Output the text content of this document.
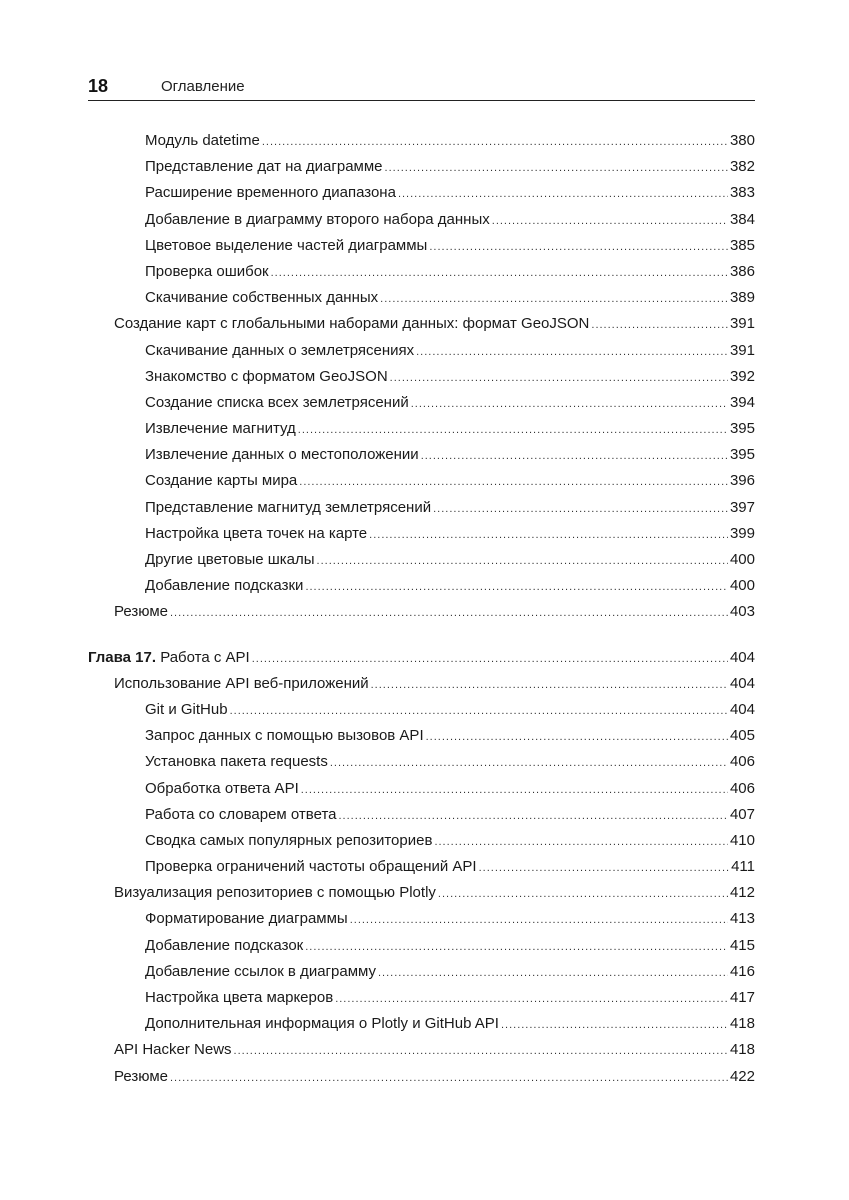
18	Оглавление
Модуль datetime .....	380
Представление дат на диаграмме .....	382
Расширение временного диапазона .....	383
Добавление в диаграмму второго набора данных .....	384
Цветовое выделение частей диаграммы .....	385
Проверка ошибок .....	386
Скачивание собственных данных .....	389
Создание карт с глобальными наборами данных: формат GeoJSON .....	391
Скачивание данных о землетрясениях .....	391
Знакомство с форматом GeoJSON .....	392
Создание списка всех землетрясений .....	394
Извлечение магнитуд .....	395
Извлечение данных о местоположении .....	395
Создание карты мира .....	396
Представление магнитуд землетрясений .....	397
Настройка цвета точек на карте .....	399
Другие цветовые шкалы .....	400
Добавление подсказки .....	400
Резюме .....	403
Глава 17. Работа с API .....	404
Использование API веб-приложений .....	404
Git и GitHub .....	404
Запрос данных с помощью вызовов API .....	405
Установка пакета requests .....	406
Обработка ответа API .....	406
Работа со словарем ответа .....	407
Сводка самых популярных репозиториев .....	410
Проверка ограничений частоты обращений API .....	411
Визуализация репозиториев с помощью Plotly .....	412
Форматирование диаграммы .....	413
Добавление подсказок .....	415
Добавление ссылок в диаграмму .....	416
Настройка цвета маркеров .....	417
Дополнительная информация о Plotly и GitHub API .....	418
API Hacker News .....	418
Резюме .....	422
